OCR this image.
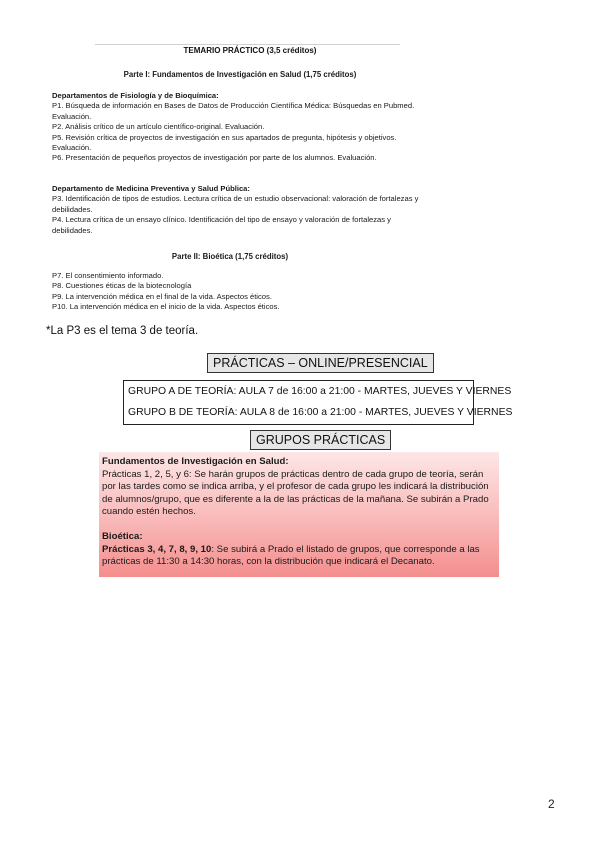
TEMARIO PRÁCTICO (3,5 créditos)
Parte I: Fundamentos de Investigación en Salud (1,75 créditos)

Departamentos de Fisiología y de Bioquímica:

P1. Búsqueda de información en Bases de Datos de Producción Científica Médica: Búsquedas en Pubmed. Evaluación.

P2. Análisis crítico de un artículo científico-original. Evaluación.

P5. Revisión crítica de proyectos de investigación en sus apartados de pregunta, hipótesis y objetivos. Evaluación.

P6. Presentación de pequeños proyectos de investigación por parte de los alumnos. Evaluación.

Departamento de Medicina Preventiva y Salud Pública:

P3. Identificación de tipos de estudios. Lectura crítica de un estudio observacional: valoración de fortalezas y debilidades.

P4. Lectura crítica de un ensayo clínico. Identificación del tipo de ensayo y valoración de fortalezas y debilidades.

Parte II: Bioética (1,75 créditos)

P7. El consentimiento informado.

P8. Cuestiones éticas de la biotecnología

P9. La intervención médica en el final de la vida. Aspectos éticos.

P10. La intervención médica en el inicio de la vida. Aspectos éticos.

*La P3 es el tema 3 de teoría.
PRÁCTICAS – ONLINE/PRESENCIAL
GRUPO A DE TEORÍA: AULA 7 de 16:00 a 21:00 - MARTES, JUEVES Y VIERNES
GRUPO B DE TEORÍA: AULA 8 de 16:00 a 21:00 - MARTES, JUEVES Y VIERNES
GRUPOS PRÁCTICAS

Fundamentos de Investigación en Salud:

Prácticas 1, 2, 5, y 6: Se harán grupos de prácticas dentro de cada grupo de teoría, serán por las tardes como se indica arriba, y el profesor de cada grupo les indicará la distribución de alumnos/grupo, que es diferente a la de las prácticas de la mañana. Se subirán a Prado cuando estén hechos.

Bioética:

Prácticas 3, 4, 7, 8, 9, 10: Se subirá a Prado el listado de grupos, que corresponde a las prácticas de 11:30 a 14:30 horas, con la distribución que indicará el Decanato.

2
